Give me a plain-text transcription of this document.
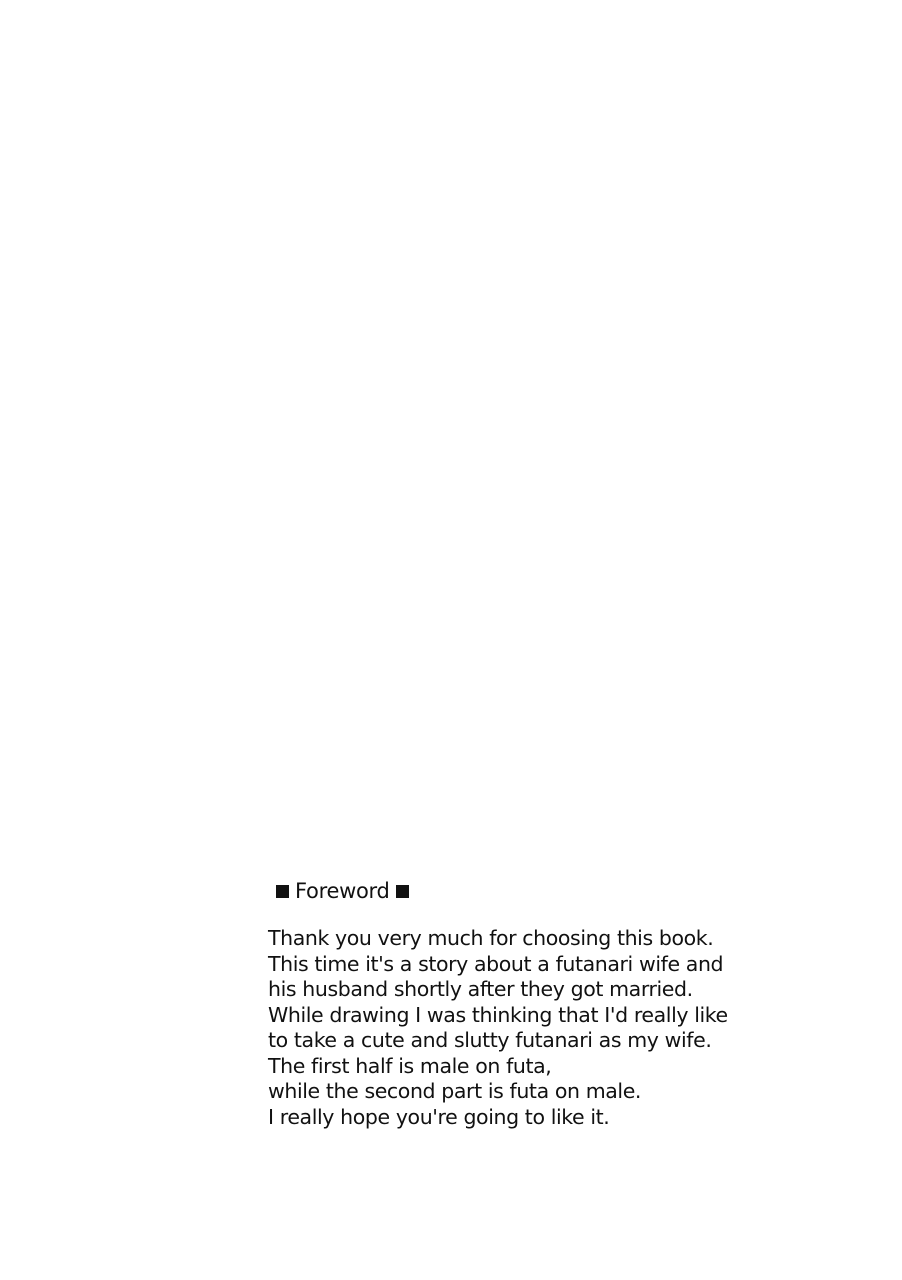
Foreword
Thank you very much for choosing this book.
This time it's a story about a futanari wife and
his husband shortly after they got married.
While drawing I was thinking that I'd really like
to take a cute and slutty futanari as my wife.
The first half is male on futa,
while the second part is futa on male.
I really hope you're going to like it.
